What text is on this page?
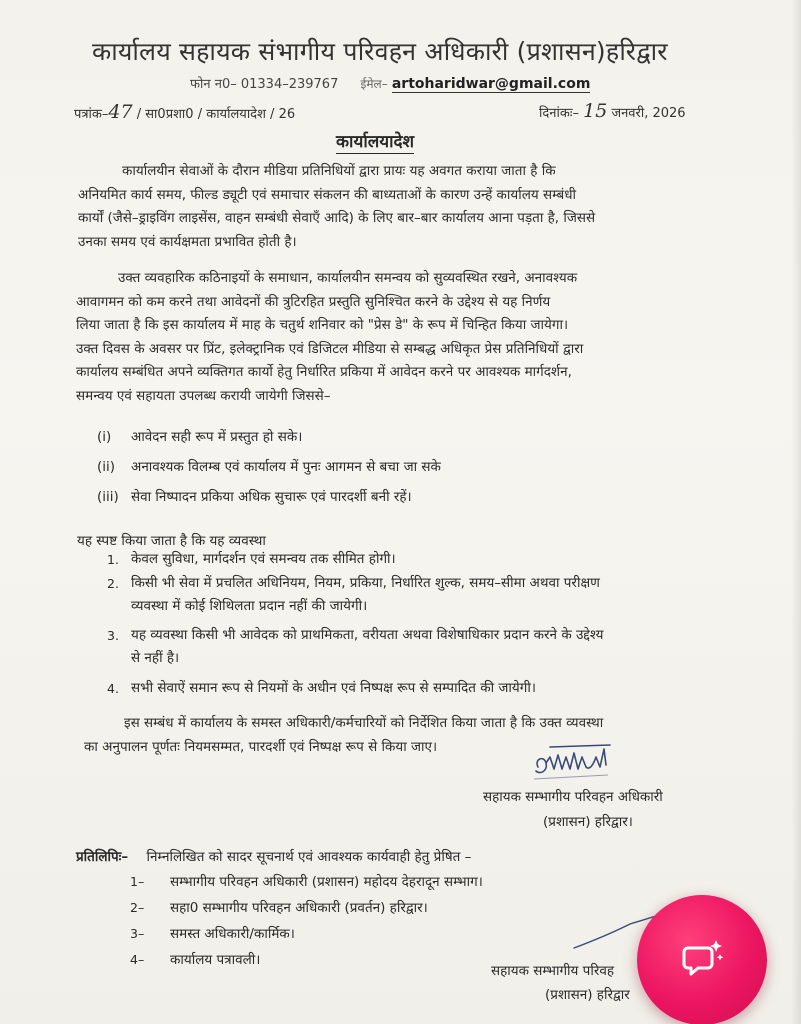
कार्यालय सहायक संभागीय परिवहन अधिकारी (प्रशासन)हरिद्वार
फोन न0– 01334–239767 ईमेल– artoharidwar@gmail.com
पत्रांक–47 / सा0प्रशा0 / कार्यालयादेश / 26	दिनांकः– 15 जनवरी, 2026
कार्यालयादेश
कार्यालयीन सेवाओं के दौरान मीडिया प्रतिनिधियों द्वारा प्रायः यह अवगत कराया जाता है कि
अनियमित कार्य समय, फील्ड ड्यूटी एवं समाचार संकलन की बाध्यताओं के कारण उन्हें कार्यालय सम्बंधी
कार्यों (जैसे–ड्राइविंग लाइसेंस, वाहन सम्बंधी सेवाएँ आदि) के लिए बार–बार कार्यालय आना पड़ता है, जिससे
उनका समय एवं कार्यक्षमता प्रभावित होती है।
उक्त व्यवहारिक कठिनाइयों के समाधान, कार्यालयीन समन्वय को सुव्यवस्थित रखने, अनावश्यक
आवागमन को कम करने तथा आवेदनों की त्रुटिरहित प्रस्तुति सुनिश्चित करने के उद्देश्य से यह निर्णय
लिया जाता है कि इस कार्यालय में माह के चतुर्थ शनिवार को "प्रेस डे" के रूप में चिन्हित किया जायेगा।
उक्त दिवस के अवसर पर प्रिंट, इलेक्ट्रानिक एवं डिजिटल मीडिया से सम्बद्ध अधिकृत प्रेस प्रतिनिधियों द्वारा
कार्यालय सम्बंधित अपने व्यक्तिगत कार्यो हेतु निर्धारित प्रकिया में आवेदन करने पर आवश्यक मार्गदर्शन,
समन्वय एवं सहायता उपलब्ध करायी जायेगी जिससे–
(i) आवेदन सही रूप में प्रस्तुत हो सके।
(ii) अनावश्यक विलम्ब एवं कार्यालय में पुनः आगमन से बचा जा सके
(iii) सेवा निष्पादन प्रकिया अधिक सुचारू एवं पारदर्शी बनी रहें।
यह स्पष्ट किया जाता है कि यह व्यवस्था
1. केवल सुविधा, मार्गदर्शन एवं समन्वय तक सीमित होगी।
2. किसी भी सेवा में प्रचलित अधिनियम, नियम, प्रकिया, निर्धारित शुल्क, समय–सीमा अथवा परीक्षण
व्यवस्था में कोई शिथिलता प्रदान नहीं की जायेगी।
3. यह व्यवस्था किसी भी आवेदक को प्राथमिकता, वरीयता अथवा विशेषाधिकार प्रदान करने के उद्देश्य
से नहीं है।
4. सभी सेवाऐं समान रूप से नियमों के अधीन एवं निष्पक्ष रूप से सम्पादित की जायेगी।
इस सम्बंध में कार्यालय के समस्त अधिकारी/कर्मचारियों को निर्देशित किया जाता है कि उक्त व्यवस्था
का अनुपालन पूर्णतः नियमसम्मत, पारदर्शी एवं निष्पक्ष रूप से किया जाए।
सहायक सम्भागीय परिवहन अधिकारी
(प्रशासन) हरिद्वार।
प्रतिलिपिः– निम्नलिखित को सादर सूचनार्थ एवं आवश्यक कार्यवाही हेतु प्रेषित –
1– सम्भागीय परिवहन अधिकारी (प्रशासन) महोदय देहरादून सम्भाग।
2– सहा0 सम्भागीय परिवहन अधिकारी (प्रवर्तन) हरिद्वार।
3– समस्त अधिकारी/कार्मिक।
4– कार्यालय पत्रावली।
सहायक सम्भागीय परिवह
(प्रशासन) हरिद्वार
